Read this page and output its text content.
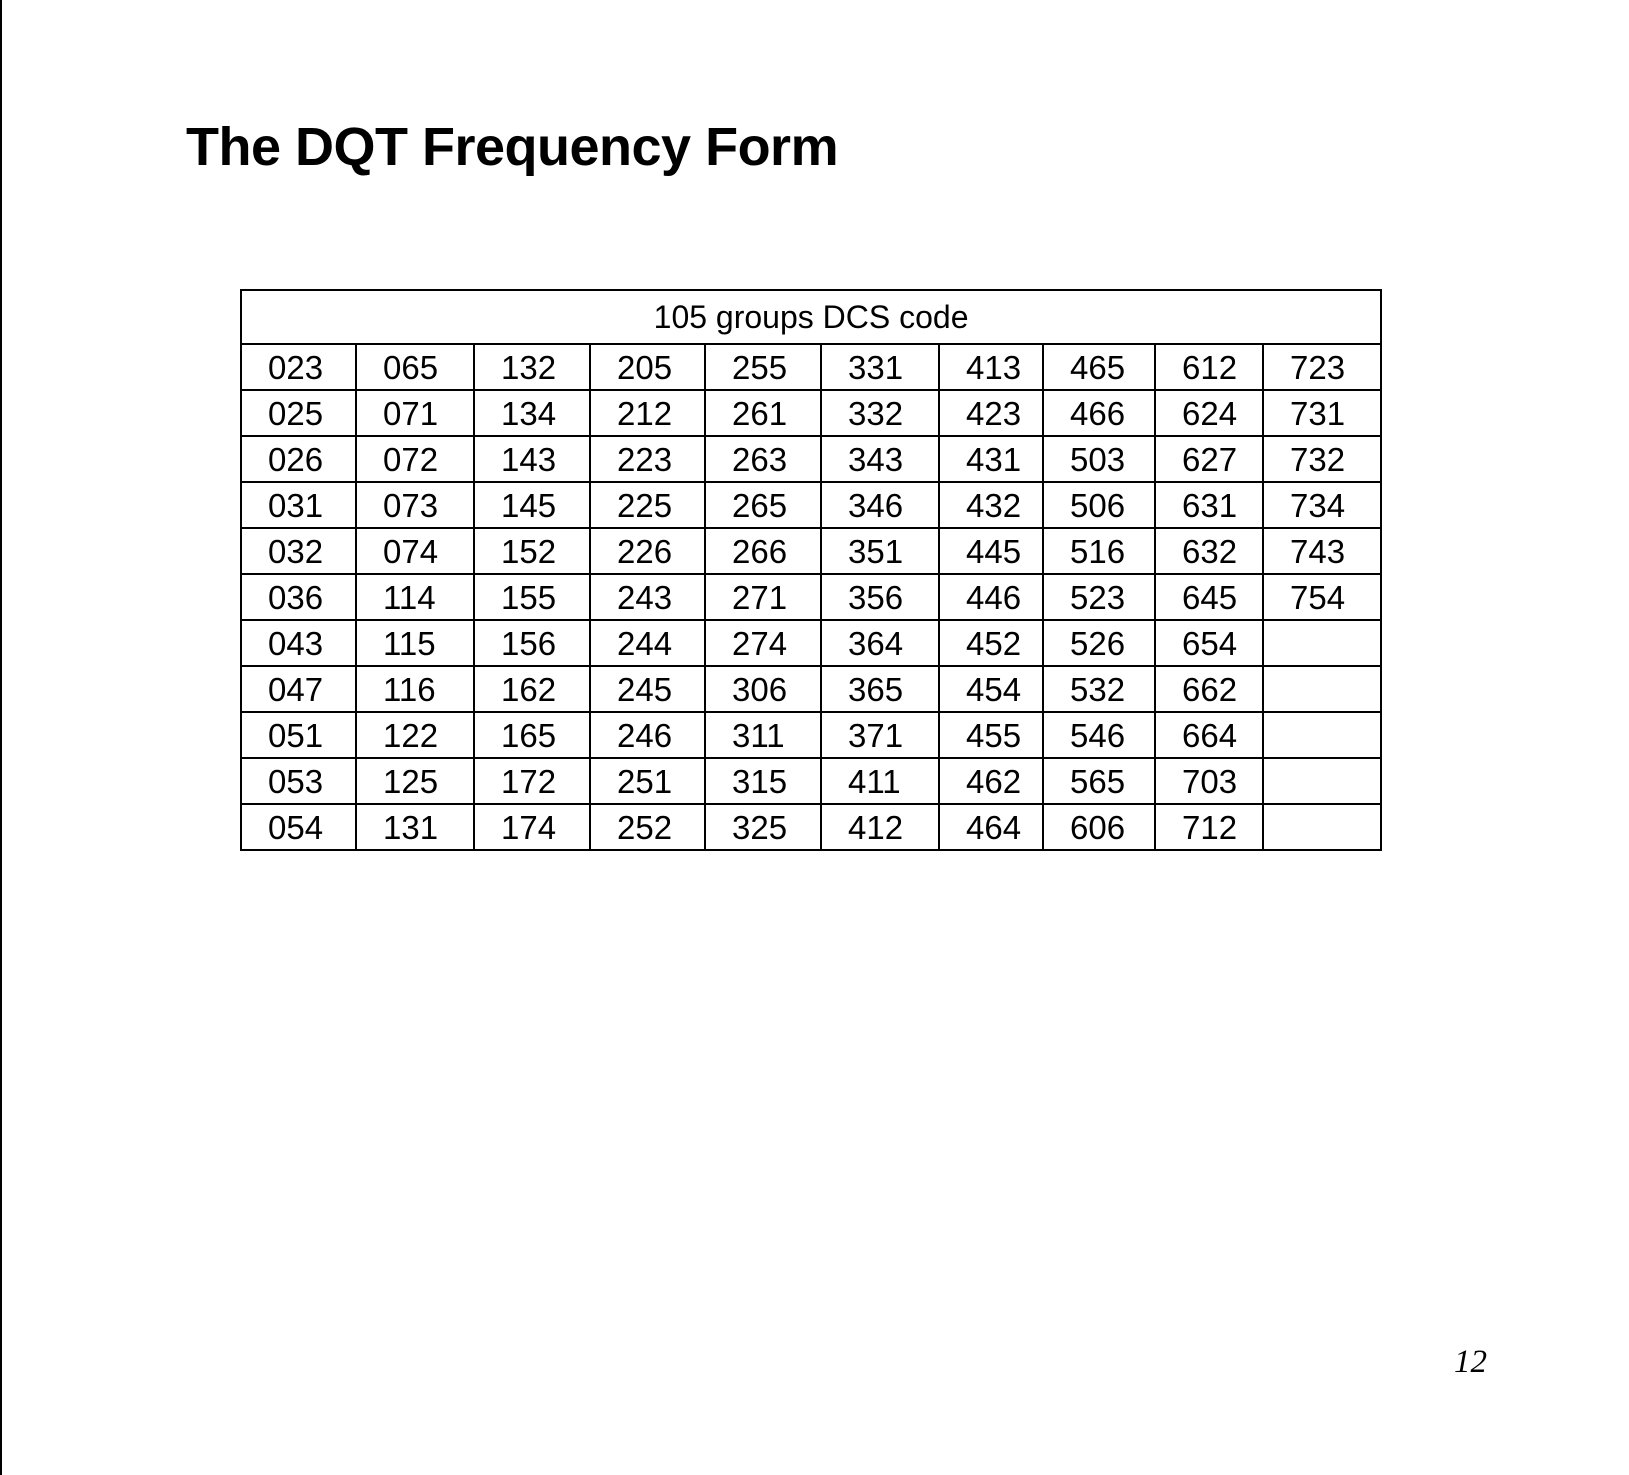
The DQT Frequency Form
105 groups DCS code									
023	065	132	205	255	331	413	465	612	723
025	071	134	212	261	332	423	466	624	731
026	072	143	223	263	343	431	503	627	732
031	073	145	225	265	346	432	506	631	734
032	074	152	226	266	351	445	516	632	743
036	114	155	243	271	356	446	523	645	754
043	115	156	244	274	364	452	526	654	
047	116	162	245	306	365	454	532	662	
051	122	165	246	311	371	455	546	664	
053	125	172	251	315	411	462	565	703	
054	131	174	252	325	412	464	606	712	
12
